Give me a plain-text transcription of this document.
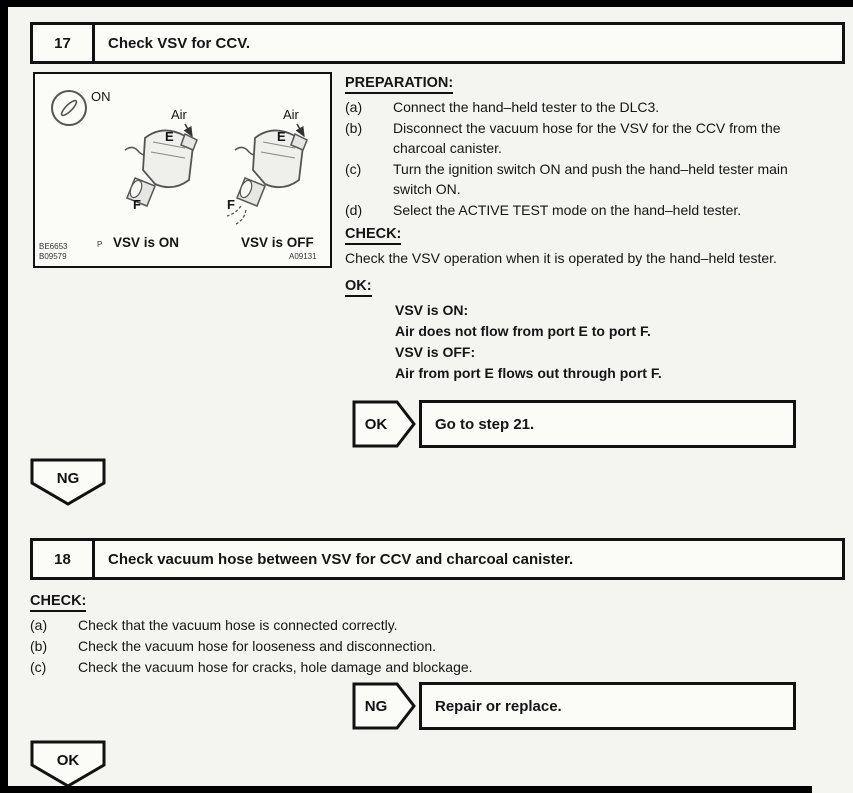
17	Check VSV for CCV.
ON
Air	Air
E	E
F	F
P VSV is ON	VSV is OFF
BE6653
B09579	A09131
PREPARATION:
(a)	Connect the hand–held tester to the DLC3.
(b)	Disconnect the vacuum hose for the VSV for the CCV from the charcoal canister.
(c)	Turn the ignition switch ON and push the hand–held tester main switch ON.
(d)	Select the ACTIVE TEST mode on the hand–held tester.
CHECK:
Check the VSV operation when it is operated by the hand–held tester.
OK:
VSV is ON:
Air does not flow from port E to port F.
VSV is OFF:
Air from port E flows out through port F.
OK	Go to step 21.
NG
18	Check vacuum hose between VSV for CCV and charcoal canister.
CHECK:
(a)	Check that the vacuum hose is connected correctly.
(b)	Check the vacuum hose for looseness and disconnection.
(c)	Check the vacuum hose for cracks, hole damage and blockage.
NG	Repair or replace.
OK
